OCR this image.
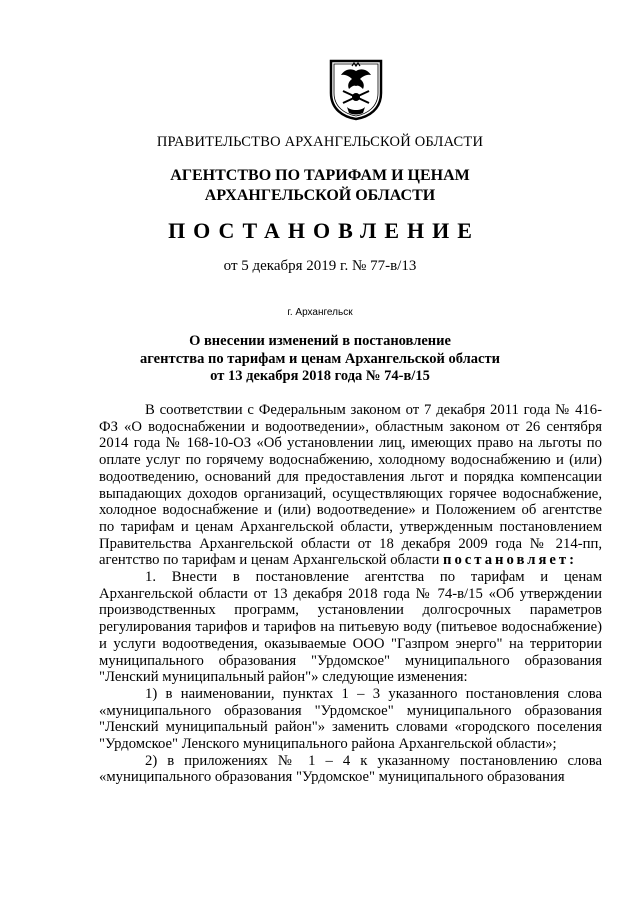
ПРАВИТЕЛЬСТВО АРХАНГЕЛЬСКОЙ ОБЛАСТИ
АГЕНТСТВО ПО ТАРИФАМ И ЦЕНАМ
АРХАНГЕЛЬСКОЙ ОБЛАСТИ
ПОСТАНОВЛЕНИЕ
от 5 декабря 2019 г. № 77-в/13
г. Архангельск
О внесении изменений в постановление
агентства по тарифам и ценам Архангельской области
от 13 декабря 2018 года № 74-в/15

В соответствии с Федеральным законом от 7 декабря 2011 года № 416-ФЗ «О водоснабжении и водоотведении», областным законом от 26 сентября 2014 года № 168-10-ОЗ «Об установлении лиц, имеющих право на льготы по оплате услуг по горячему водоснабжению, холодному водоснабжению и (или) водоотведению, оснований для предоставления льгот и порядка компенсации выпадающих доходов организаций, осуществляющих горячее водоснабжение, холодное водоснабжение и (или) водоотведение» и Положением об агентстве по тарифам и ценам Архангельской области, утвержденным постановлением Правительства Архангельской области от 18 декабря 2009 года № 214-пп, агентство по тарифам и ценам Архангельской области постановляет:

1. Внести в постановление агентства по тарифам и ценам Архангельской области от 13 декабря 2018 года № 74-в/15 «Об утверждении производственных программ, установлении долгосрочных параметров регулирования тарифов и тарифов на питьевую воду (питьевое водоснабжение) и услуги водоотведения, оказываемые ООО "Газпром энерго" на территории муниципального образования "Урдомское" муниципального образования "Ленский муниципальный район"» следующие изменения:

1) в наименовании, пунктах 1 – 3 указанного постановления слова «муниципального образования "Урдомское" муниципального образования "Ленский муниципальный район"» заменить словами «городского поселения "Урдомское" Ленского муниципального района Архангельской области»;

2) в приложениях № 1 – 4 к указанному постановлению слова «муниципального образования "Урдомское" муниципального образования
